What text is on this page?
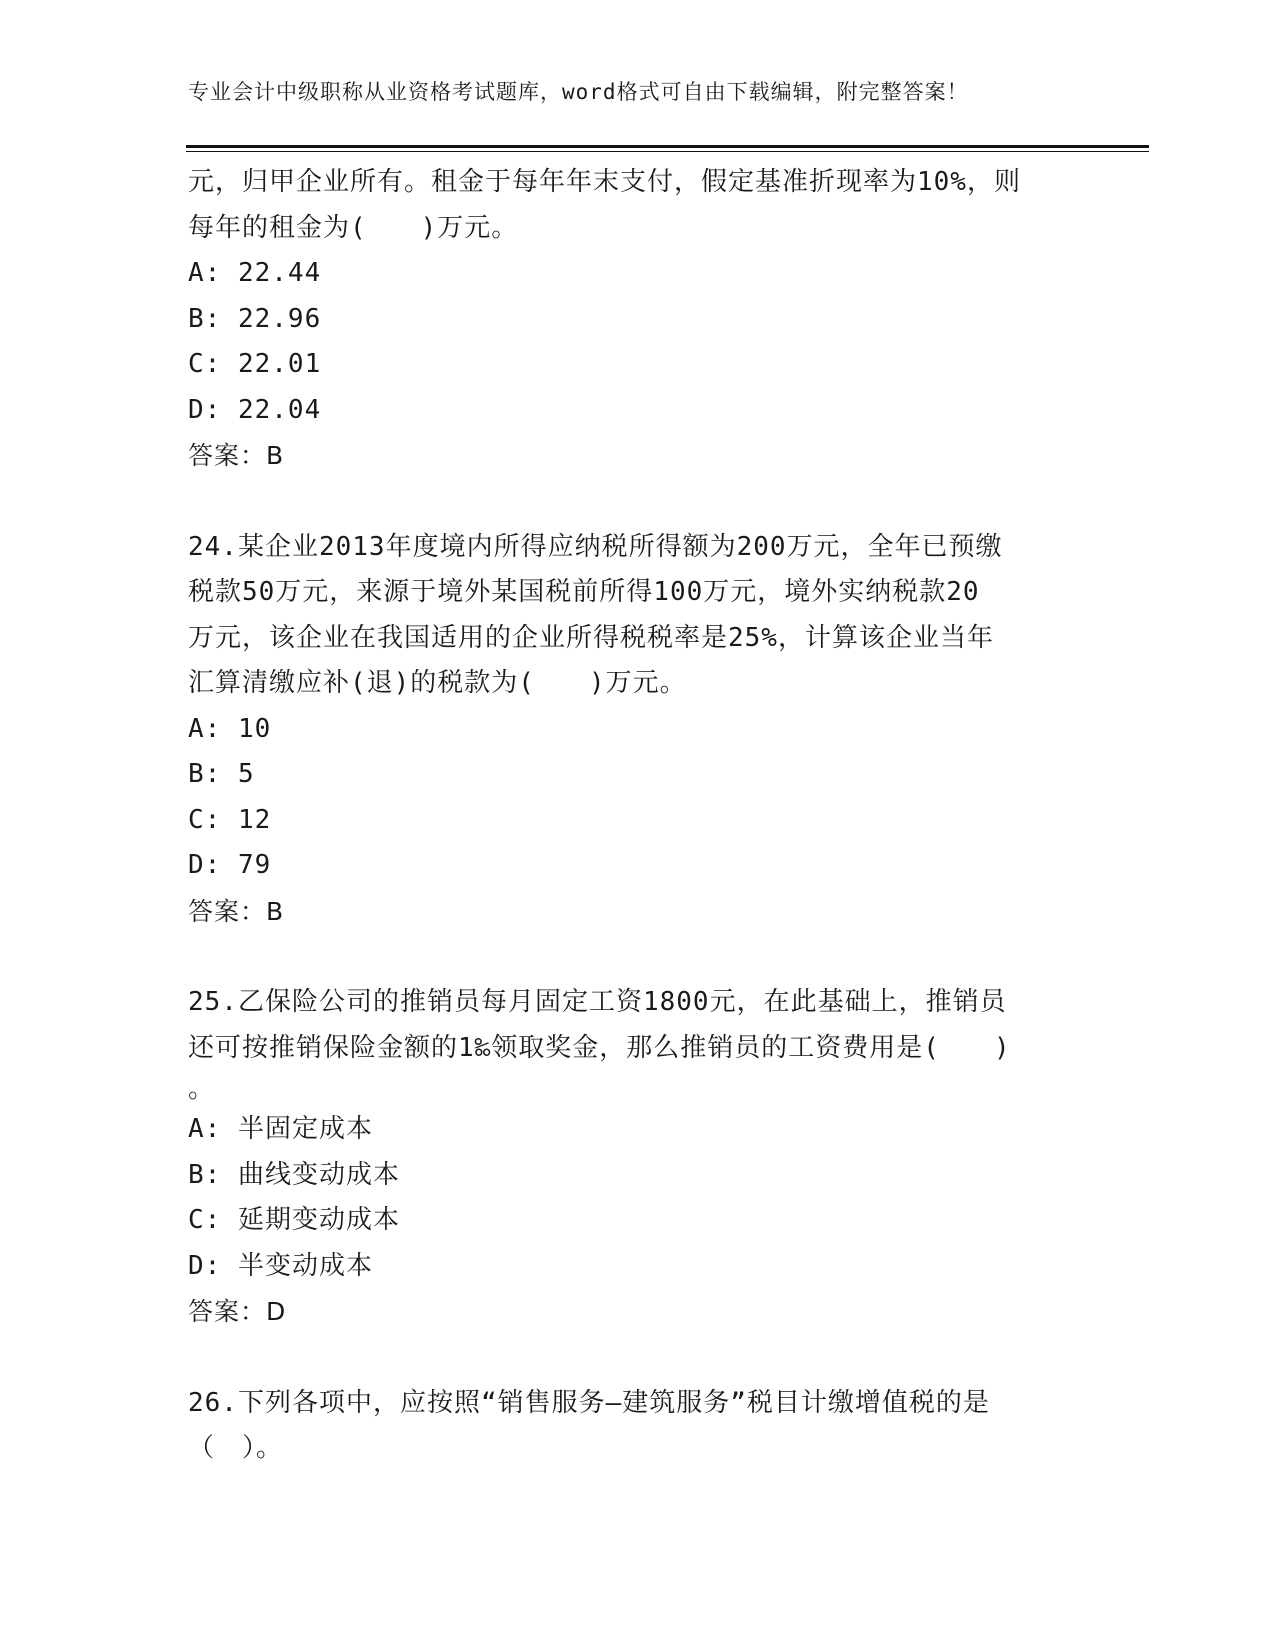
专业会计中级职称从业资格考试题库，word格式可自由下载编辑，附完整答案！
元，归甲企业所有。租金于每年年末支付，假定基准折现率为10%，则
每年的租金为(　　)万元。
A: 22.44
B: 22.96
C: 22.01
D: 22.04
答案：B
24.某企业2013年度境内所得应纳税所得额为200万元，全年已预缴
税款50万元，来源于境外某国税前所得100万元，境外实纳税款20
万元，该企业在我国适用的企业所得税税率是25%，计算该企业当年
汇算清缴应补(退)的税款为(　　)万元。
A: 10
B: 5
C: 12
D: 79
答案：B
25.乙保险公司的推销员每月固定工资1800元，在此基础上，推销员
还可按推销保险金额的1‰领取奖金，那么推销员的工资费用是(　　)
。
A: 半固定成本
B: 曲线变动成本
C: 延期变动成本
D: 半变动成本
答案：D
26.下列各项中，应按照“销售服务—建筑服务”税目计缴增值税的是
（　）。
